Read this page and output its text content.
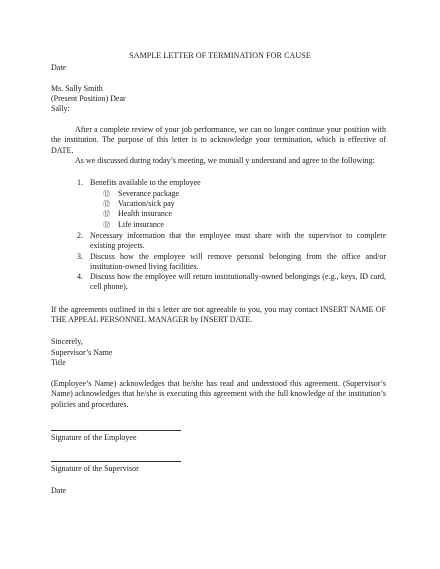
SAMPLE LETTER OF TERMINATION FOR CAUSE
Date
Ms. Sally Smith
(Present Position) Dear
Sally:
After a complete review of your job performance, we can no longer continue your position with the institution. The purpose of this letter is to acknowledge your termination, which is effective of DATE.
As we discussed during today’s meeting, we mutuall y understand and agree to the following:
1. Benefits available to the employee
⑫ Severance package
⑫ Vacation/sick pay
⑫ Health insurance
⑫ Life insurance
2. Necessary information that the employee must share with the supervisor to complete existing projects.
3. Discuss how the employee will remove personal belonging from the office and/or institution-owned living facilities.
4. Discuss how the employee will return institutionally-owned belongings (e.g., keys, ID card, cell phone).
If the agreements outlined in thi s letter are not agreeable to you, you may contact INSERT NAME OF THE APPEAL PERSONNEL MANAGER by INSERT DATE.
Sincerely,
Supervisor’s Name
Title
(Employee’s Name) acknowledges that he/she has read and understood this agreement. (Supervisor’s Name) acknowledges that he/she is executing this agreement with the full knowledge of the institution’s policies and procedures.
Signature of the Employee
Signature of the Supervisor
Date
